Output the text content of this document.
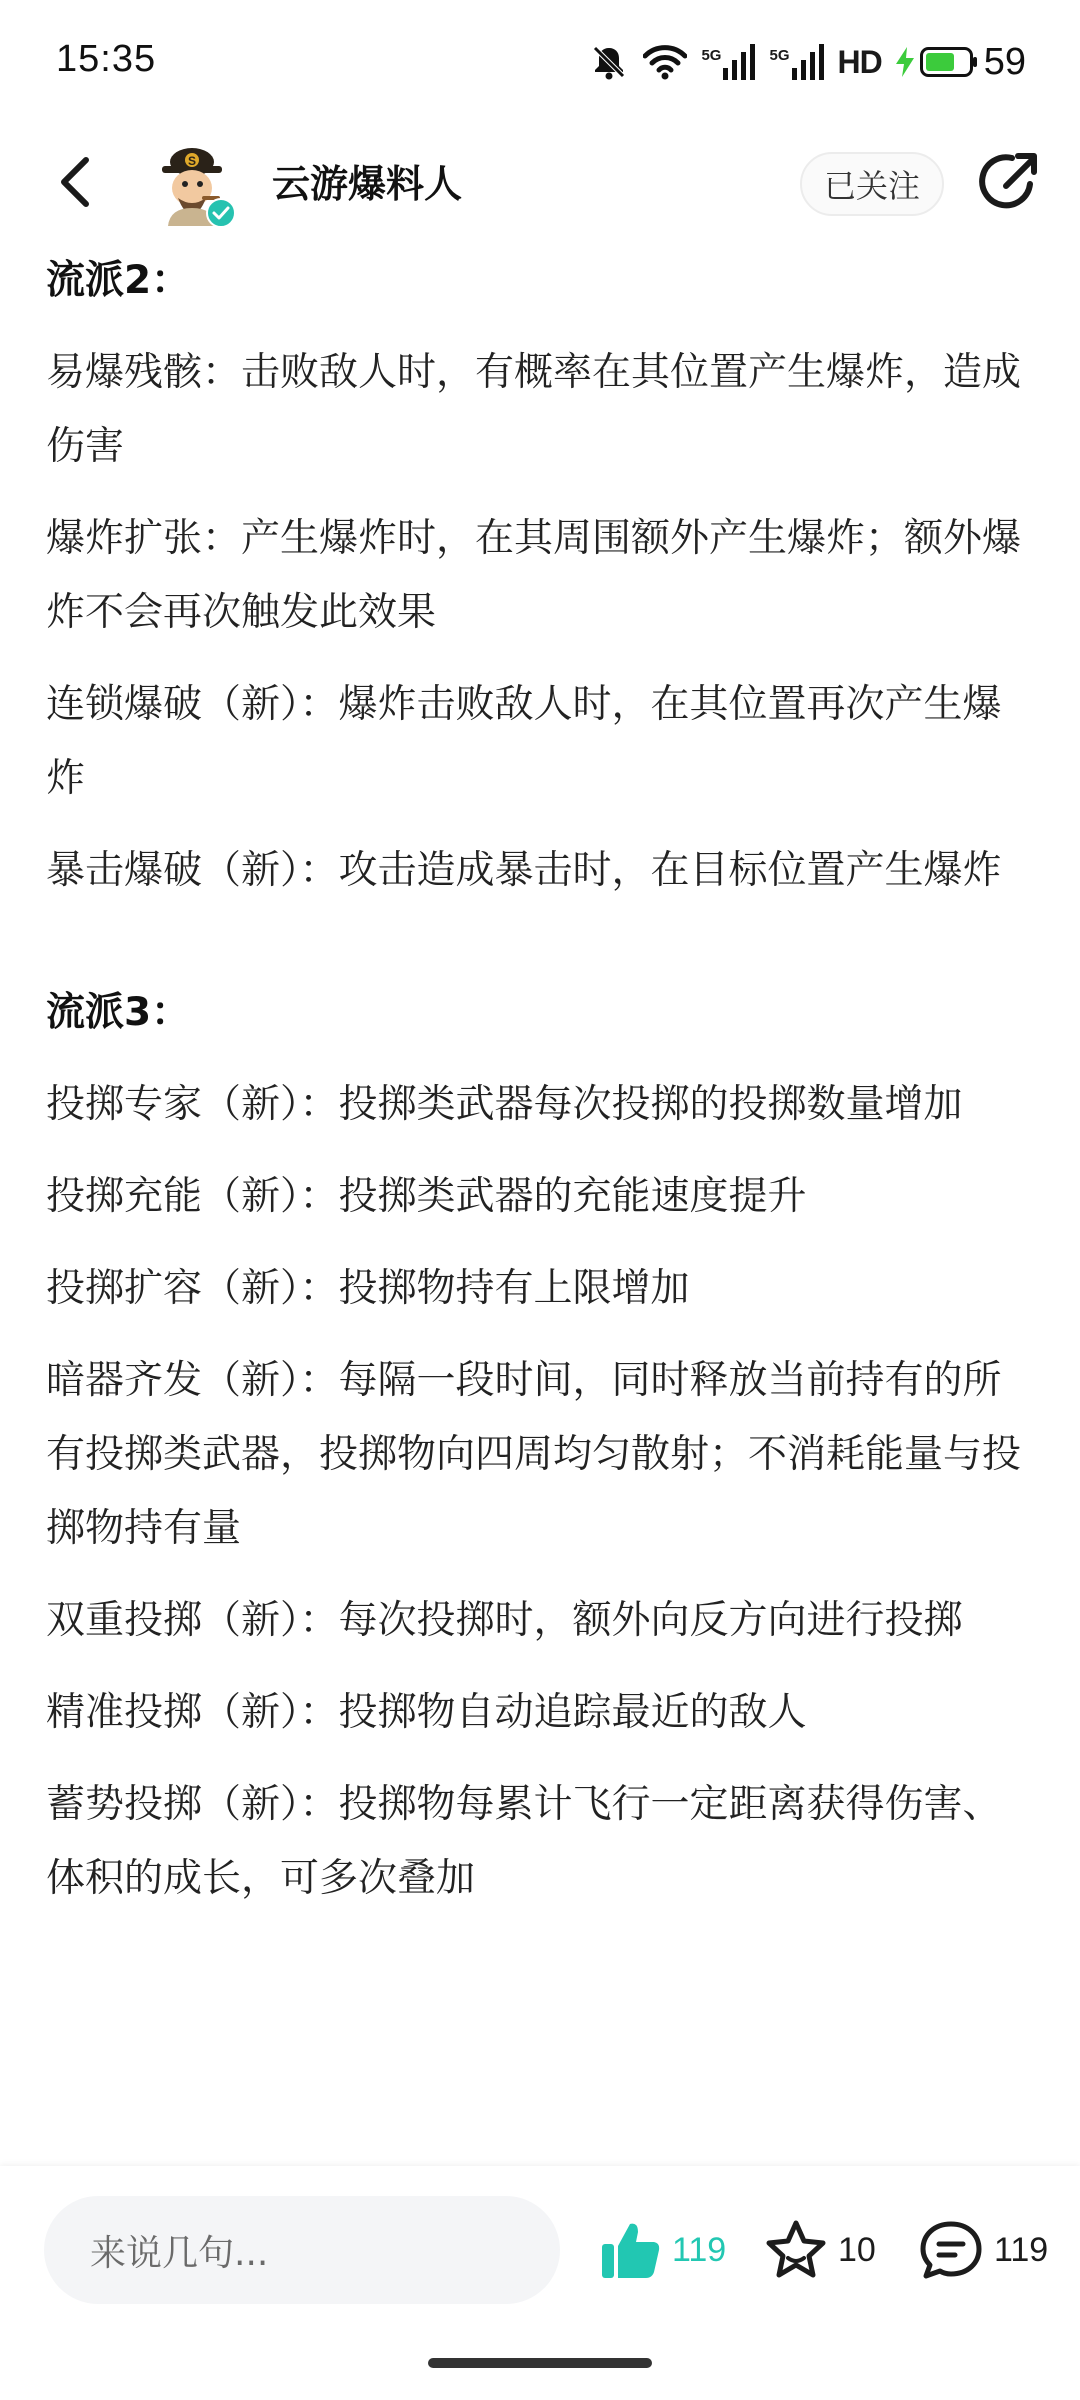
15:35	5G	5G HD	59
S
云游爆料人	已关注

流派2：

易爆残骸：击败敌人时，有概率在其位置产生爆炸，造成伤害

爆炸扩张：产生爆炸时，在其周围额外产生爆炸；额外爆炸不会再次触发此效果

连锁爆破（新）：爆炸击败敌人时，在其位置再次产生爆炸

暴击爆破（新）：攻击造成暴击时，在目标位置产生爆炸

流派3：

投掷专家（新）：投掷类武器每次投掷的投掷数量增加

投掷充能（新）：投掷类武器的充能速度提升

投掷扩容（新）：投掷物持有上限增加

暗器齐发（新）：每隔一段时间，同时释放当前持有的所有投掷类武器，投掷物向四周均匀散射；不消耗能量与投掷物持有量

双重投掷（新）：每次投掷时，额外向反方向进行投掷

精准投掷（新）：投掷物自动追踪最近的敌人

蓄势投掷（新）：投掷物每累计飞行一定距离获得伤害、体积的成长，可多次叠加

来说几句...	119	10	119
